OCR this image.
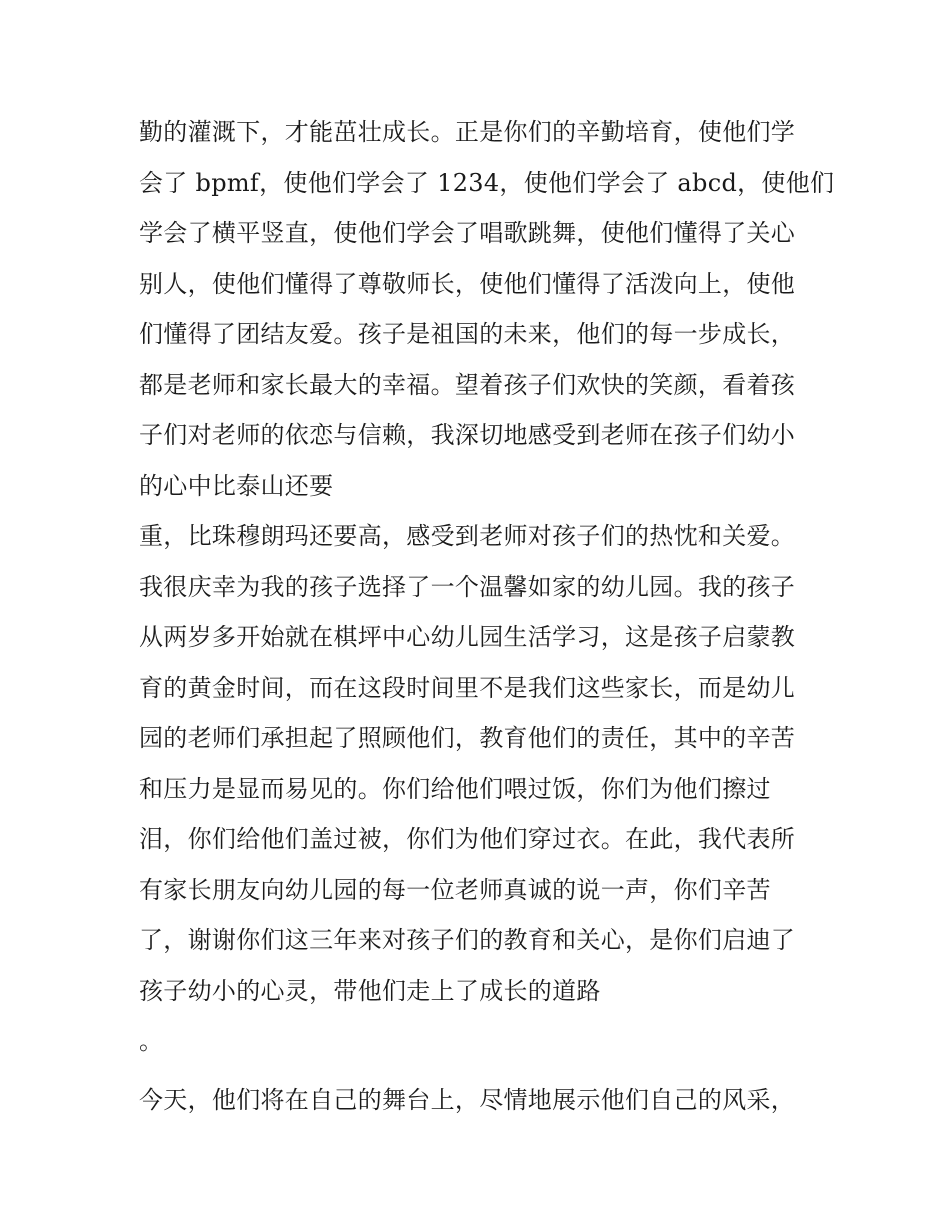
勤的灌溉下，才能茁壮成长。正是你们的辛勤培育，使他们学
会了 bpmf，使他们学会了 1234，使他们学会了 abcd，使他们
学会了横平竖直，使他们学会了唱歌跳舞，使他们懂得了关心
别人，使他们懂得了尊敬师长，使他们懂得了活泼向上，使他
们懂得了团结友爱。孩子是祖国的未来，他们的每一步成长，
都是老师和家长最大的幸福。望着孩子们欢快的笑颜，看着孩
子们对老师的依恋与信赖，我深切地感受到老师在孩子们幼小
的心中比泰山还要
重，比珠穆朗玛还要高，感受到老师对孩子们的热忱和关爱。
我很庆幸为我的孩子选择了一个温馨如家的幼儿园。我的孩子
从两岁多开始就在棋坪中心幼儿园生活学习，这是孩子启蒙教
育的黄金时间，而在这段时间里不是我们这些家长，而是幼儿
园的老师们承担起了照顾他们，教育他们的责任，其中的辛苦
和压力是显而易见的。你们给他们喂过饭，你们为他们擦过
泪，你们给他们盖过被，你们为他们穿过衣。在此，我代表所
有家长朋友向幼儿园的每一位老师真诚的说一声，你们辛苦
了，谢谢你们这三年来对孩子们的教育和关心，是你们启迪了
孩子幼小的心灵，带他们走上了成长的道路
。
今天，他们将在自己的舞台上，尽情地展示他们自己的风采，
